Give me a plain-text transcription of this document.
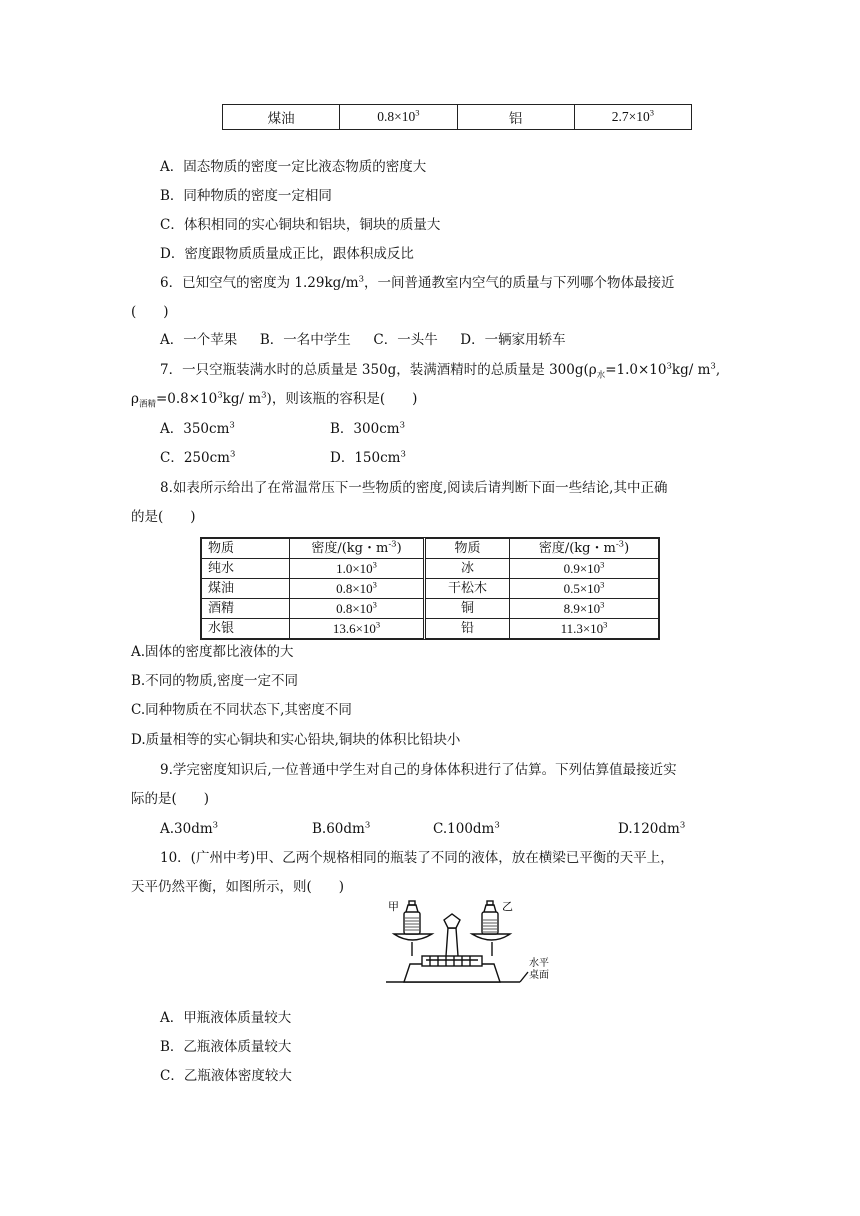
煤油	$0.8\times 10^3$	铝	$2.7\times 10^3$
A．固态物质的密度一定比液态物质的密度大
B．同种物质的密度一定相同
C．体积相同的实心铜块和铝块，铜块的质量大
D．密度跟物质质量成正比，跟体积成反比
6．已知空气的密度为 $1.29kg/m^3$，一间普通教室内空气的质量与下列哪个物体最接近
(　　)
A．一个苹果 B．一名中学生 C．一头牛 D．一辆家用轿车
7．一只空瓶装满水时的总质量是 350g，装满酒精时的总质量是 $300g(\rho_水=1.0\times 10^3kg/$ $m^3$,
$\rho_{酒精}=0.8\times 10^3kg/$ $m^3$)，则该瓶的容积是(　　)
A．$350cm^3$	B．$300cm^3$
C．$250cm^3$	D．$150cm^3$
8.如表所示给出了在常温常压下一些物质的密度,阅读后请判断下面一些结论,其中正确
的是(　　)
物质	密度/(kg・$m^{-3}$)	物质	密度/(kg・$m^{-3}$)
纯水	$1.0\times 10^3$	冰	$0.9\times 10^3$
煤油	$0.8\times 10^3$	干松木	$0.5\times 10^3$
酒精	$0.8\times 10^3$	铜	$8.9\times 10^3$
水银	$13.6\times 10^3$	铅	$11.3\times 10^3$
A.固体的密度都比液体的大
B.不同的物质,密度一定不同
C.同种物质在不同状态下,其密度不同
D.质量相等的实心铜块和实心铅块,铜块的体积比铅块小
9.学完密度知识后,一位普通中学生对自己的身体体积进行了估算。下列估算值最接近实
际的是(　　)
$A.30dm^3$	$B.60dm^3$	$C.100dm^3$	$D.120dm^3$
10．(广州中考)甲、乙两个规格相同的瓶装了不同的液体，放在横梁已平衡的天平上，
天平仍然平衡，如图所示，则(　　)
甲	乙
水平
桌面
A．甲瓶液体质量较大
B．乙瓶液体质量较大
C．乙瓶液体密度较大
